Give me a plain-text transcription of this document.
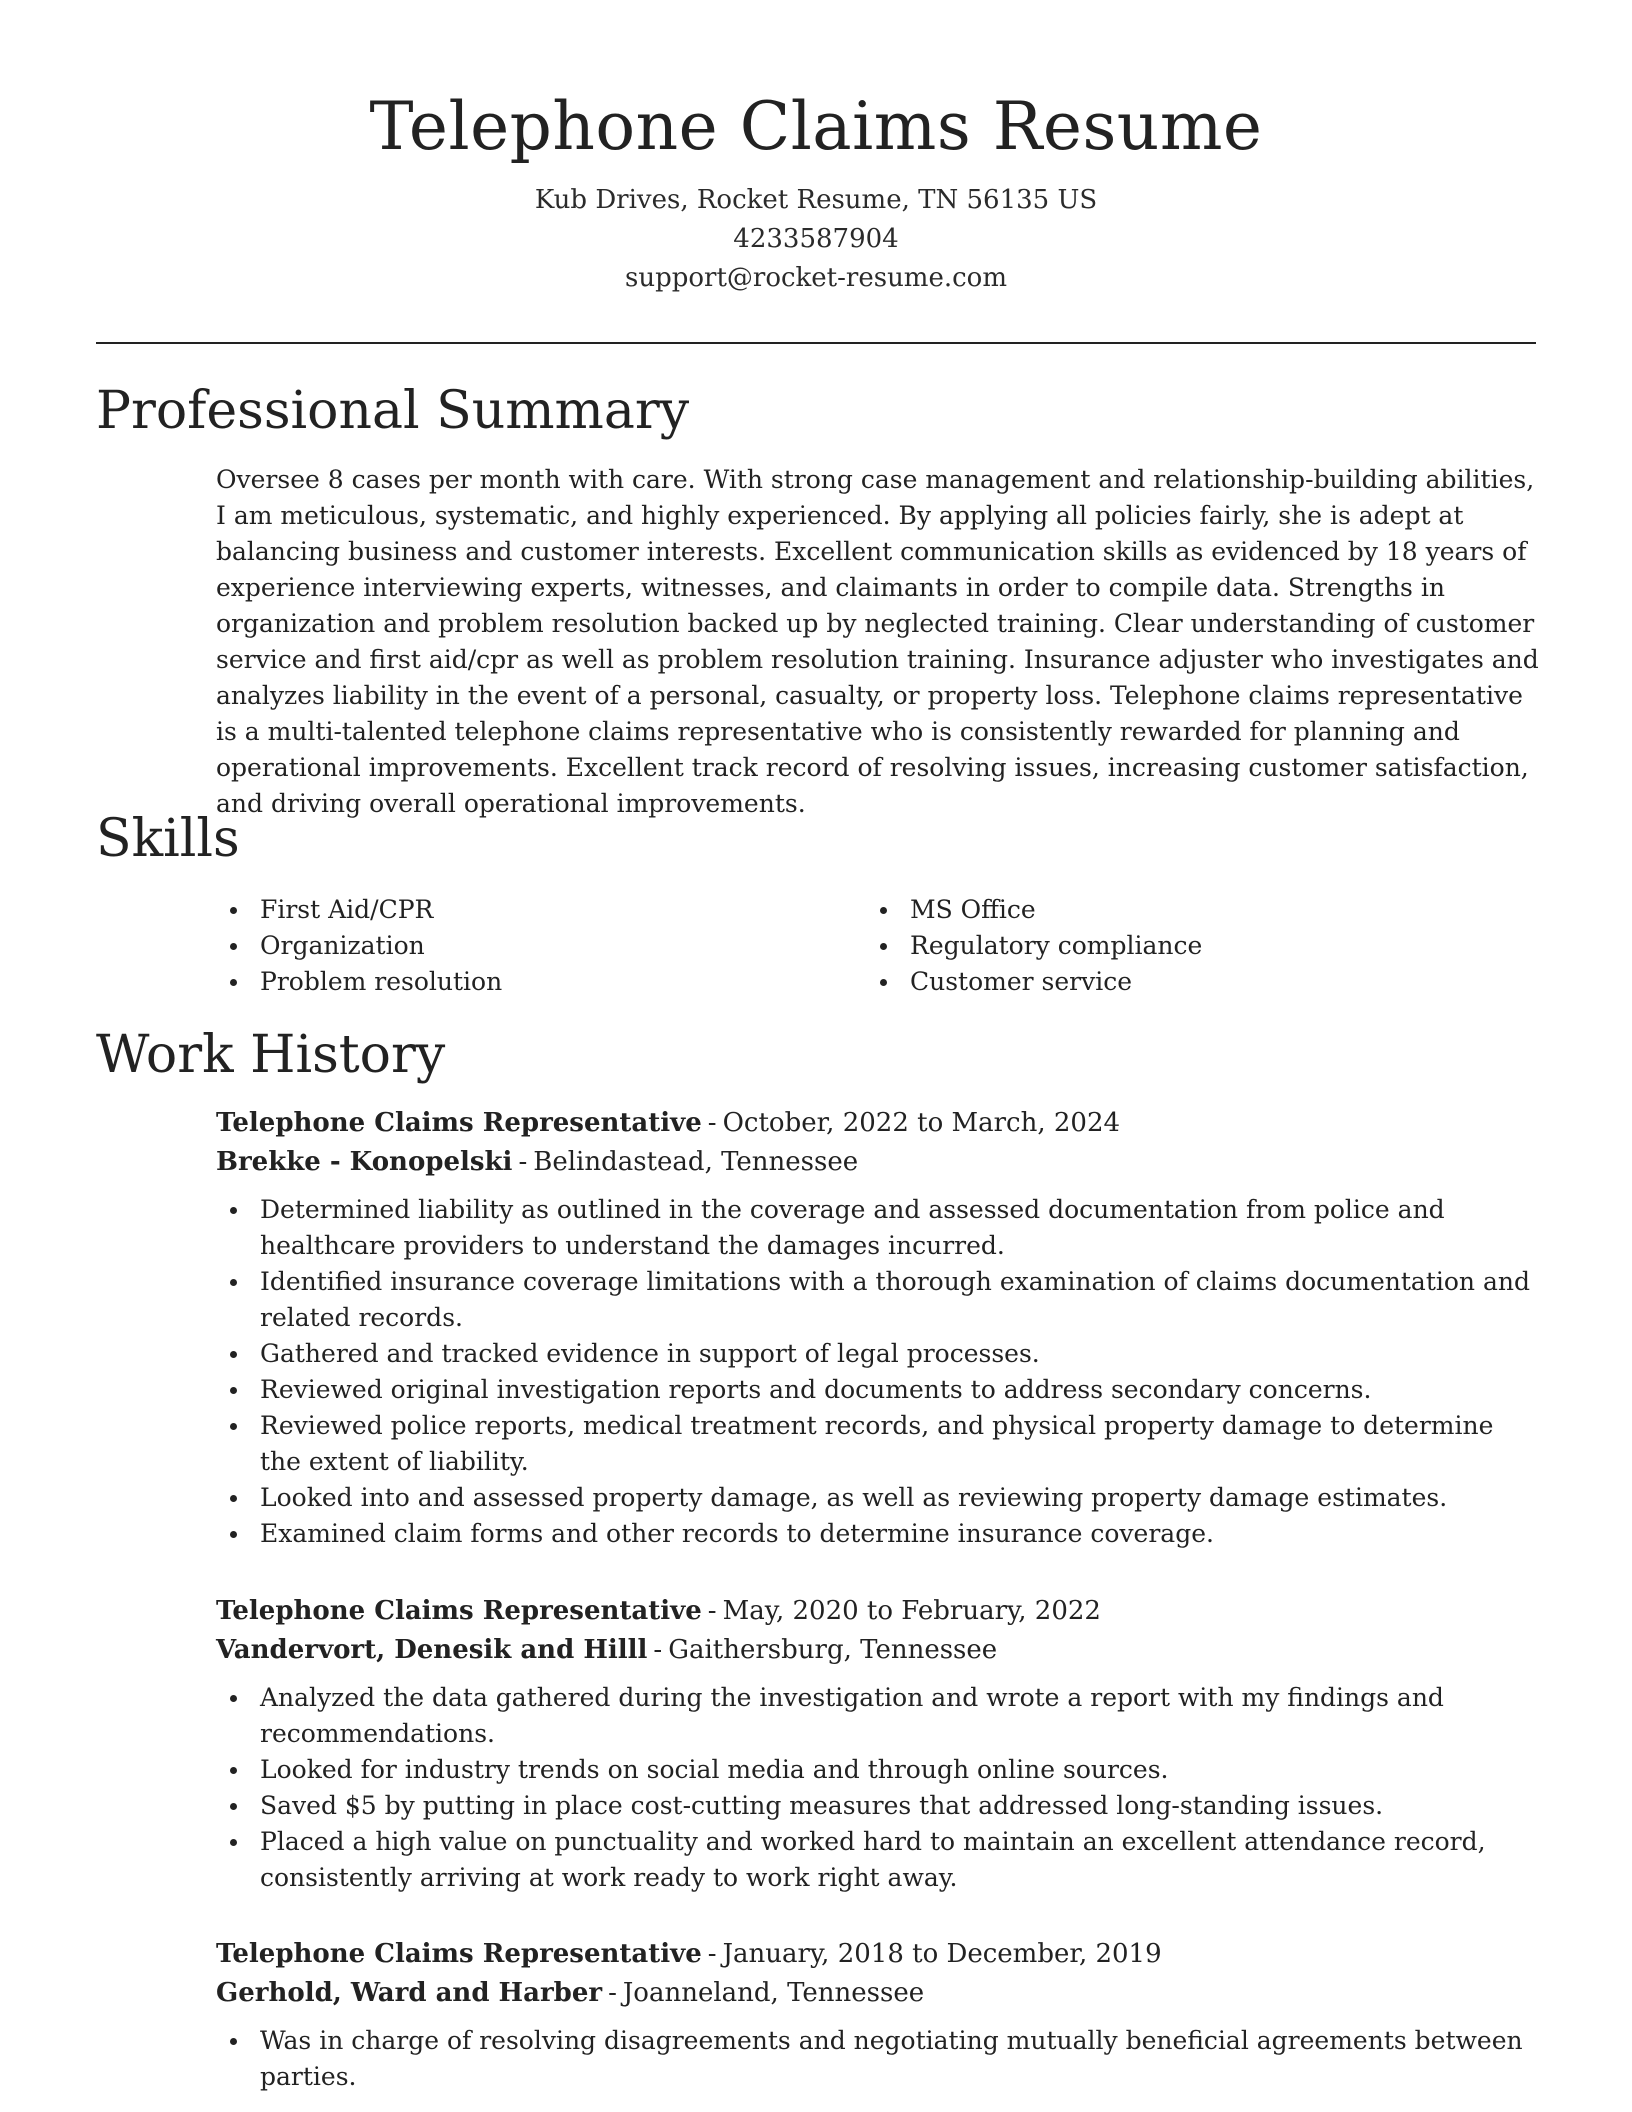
Telephone Claims Resume

Kub Drives, Rocket Resume, TN 56135 US

4233587904

support@rocket-resume.com

Professional Summary

Oversee 8 cases per month with care. With strong case management and relationship-building abilities, I am meticulous, systematic, and highly experienced. By applying all policies fairly, she is adept at balancing business and customer interests. Excellent communication skills as evidenced by 18 years of experience interviewing experts, witnesses, and claimants in order to compile data. Strengths in organization and problem resolution backed up by neglected training. Clear understanding of customer service and first aid/cpr as well as problem resolution training. Insurance adjuster who investigates and analyzes liability in the event of a personal, casualty, or property loss. Telephone claims representative is a multi-talented telephone claims representative who is consistently rewarded for planning and operational improvements. Excellent track record of resolving issues, increasing customer satisfaction, and driving overall operational improvements.

Skills
First Aid/CPR
Organization
Problem resolution
MS Office
Regulatory compliance
Customer service
Work History

Telephone Claims Representative - October, 2022 to March, 2024

Brekke - Konopelski - Belindastead, Tennessee

Determined liability as outlined in the coverage and assessed documentation from police and healthcare providers to understand the damages incurred.
Identified insurance coverage limitations with a thorough examination of claims documentation and related records.
Gathered and tracked evidence in support of legal processes.
Reviewed original investigation reports and documents to address secondary concerns.
Reviewed police reports, medical treatment records, and physical property damage to determine the extent of liability.
Looked into and assessed property damage, as well as reviewing property damage estimates.
Examined claim forms and other records to determine insurance coverage.

Telephone Claims Representative - May, 2020 to February, 2022

Vandervort, Denesik and Hilll - Gaithersburg, Tennessee

Analyzed the data gathered during the investigation and wrote a report with my findings and recommendations.
Looked for industry trends on social media and through online sources.
Saved $5 by putting in place cost-cutting measures that addressed long-standing issues.
Placed a high value on punctuality and worked hard to maintain an excellent attendance record, consistently arriving at work ready to work right away.

Telephone Claims Representative - January, 2018 to December, 2019

Gerhold, Ward and Harber - Joanneland, Tennessee

Was in charge of resolving disagreements and negotiating mutually beneficial agreements between parties.
